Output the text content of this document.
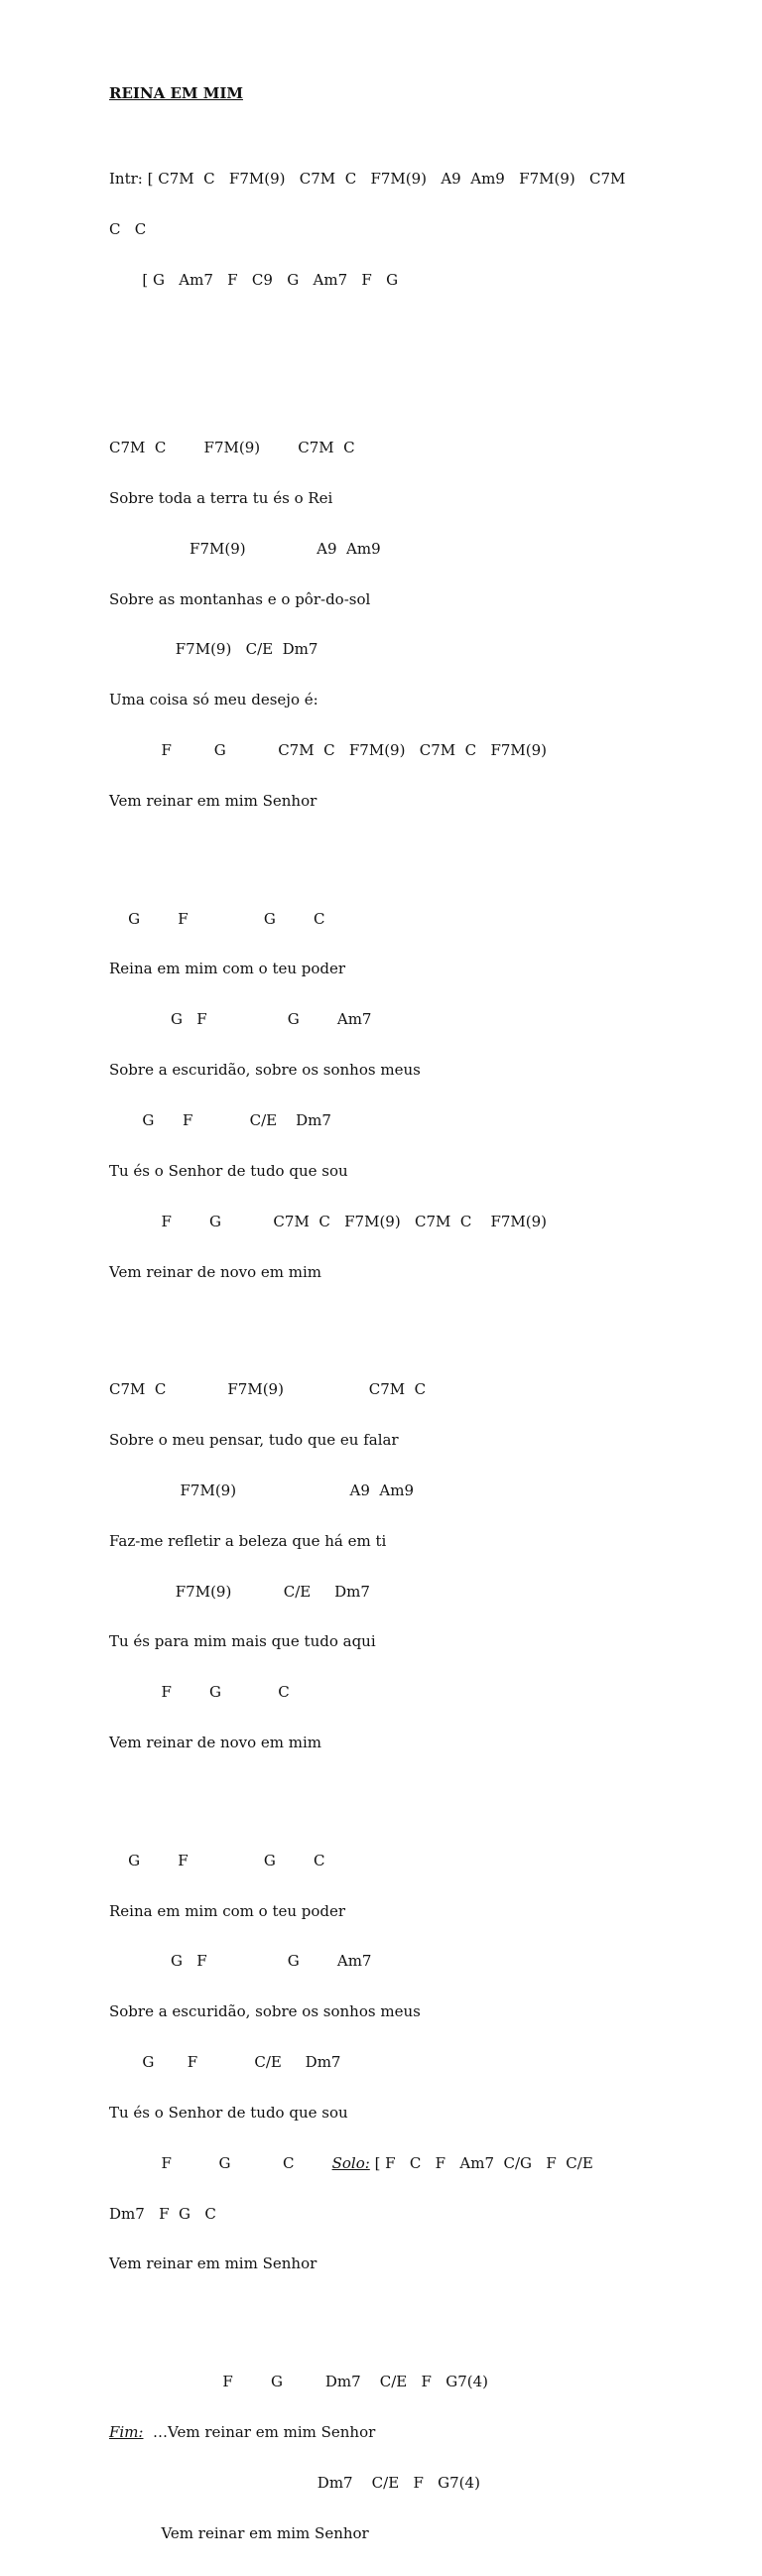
REINA EM MIM

Intr: [ C7M  C   F7M(9)   C7M  C   F7M(9)   A9  Am9   F7M(9)   C7M

C   C

[ G   Am7   F   C9   G   Am7   F   G

C7M  C        F7M(9)        C7M  C

Sobre toda a terra tu és o Rei

F7M(9)               A9  Am9

Sobre as montanhas e o pôr-do-sol

F7M(9)   C/E  Dm7

Uma coisa só meu desejo é:

F         G           C7M  C   F7M(9)   C7M  C   F7M(9)

Vem reinar em mim Senhor

G        F                G        C

Reina em mim com o teu poder

G   F                 G        Am7

Sobre a escuridão, sobre os sonhos meus

G      F            C/E    Dm7

Tu és o Senhor de tudo que sou

F        G           C7M  C   F7M(9)   C7M  C    F7M(9)

Vem reinar de novo em mim

C7M  C             F7M(9)                  C7M  C

Sobre o meu pensar, tudo que eu falar

F7M(9)                        A9  Am9

Faz-me refletir a beleza que há em ti

F7M(9)           C/E     Dm7

Tu és para mim mais que tudo aqui

F        G            C

Vem reinar de novo em mim

G        F                G        C

Reina em mim com o teu poder

G   F                 G        Am7

Sobre a escuridão, sobre os sonhos meus

G       F            C/E     Dm7

Tu és o Senhor de tudo que sou

F          G           C        Solo: [ F   C   F   Am7  C/G   F  C/E

Dm7   F  G   C

Vem reinar em mim Senhor

F        G         Dm7    C/E   F   G7(4)

Fim:  …Vem reinar em mim Senhor

Dm7    C/E   F   G7(4)

Vem reinar em mim Senhor
